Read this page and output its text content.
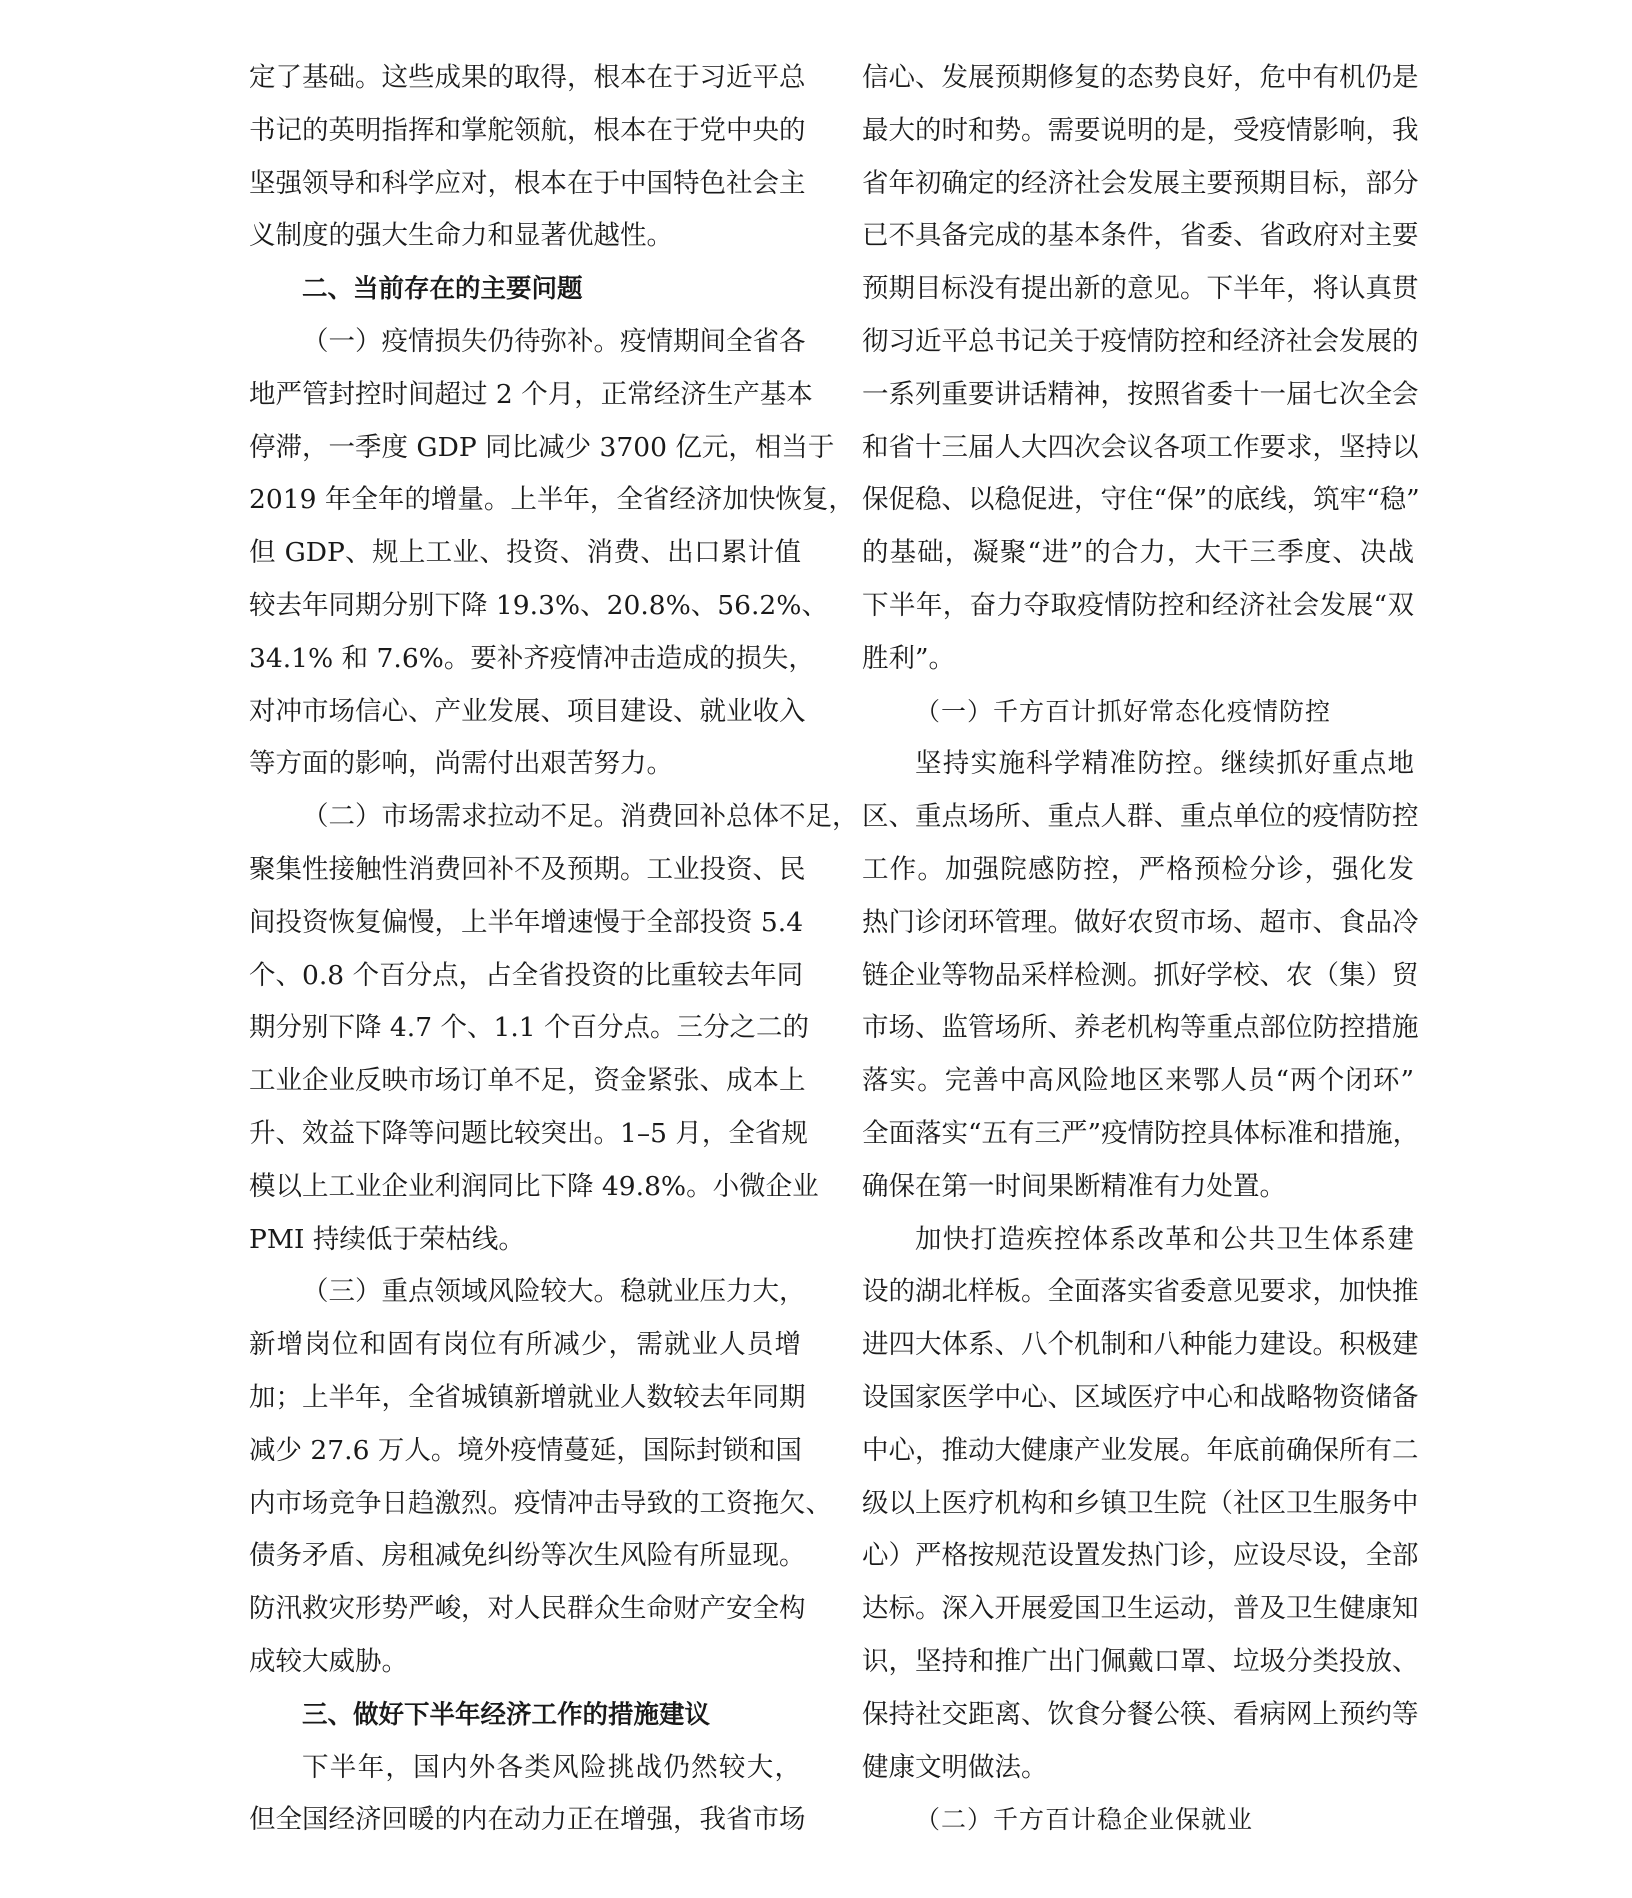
定了基础。这些成果的取得，根本在于习近平总
书记的英明指挥和掌舵领航，根本在于党中央的
坚强领导和科学应对，根本在于中国特色社会主
义制度的强大生命力和显著优越性。
二、当前存在的主要问题
（一）疫情损失仍待弥补。疫情期间全省各
地严管封控时间超过 2 个月，正常经济生产基本
停滞，一季度 GDP 同比减少 3700 亿元，相当于
2019 年全年的增量。上半年，全省经济加快恢复，
但 GDP、规上工业、投资、消费、出口累计值
较去年同期分别下降 19.3%、20.8%、56.2%、
34.1% 和 7.6%。要补齐疫情冲击造成的损失，
对冲市场信心、产业发展、项目建设、就业收入
等方面的影响，尚需付出艰苦努力。
（二）市场需求拉动不足。消费回补总体不足，
聚集性接触性消费回补不及预期。工业投资、民
间投资恢复偏慢，上半年增速慢于全部投资 5.4
个、0.8 个百分点，占全省投资的比重较去年同
期分别下降 4.7 个、1.1 个百分点。三分之二的
工业企业反映市场订单不足，资金紧张、成本上
升、效益下降等问题比较突出。1–5 月，全省规
模以上工业企业利润同比下降 49.8%。小微企业
PMI 持续低于荣枯线。
（三）重点领域风险较大。稳就业压力大，
新增岗位和固有岗位有所减少，需就业人员增
加；上半年，全省城镇新增就业人数较去年同期
减少 27.6 万人。境外疫情蔓延，国际封锁和国
内市场竞争日趋激烈。疫情冲击导致的工资拖欠、
债务矛盾、房租减免纠纷等次生风险有所显现。
防汛救灾形势严峻，对人民群众生命财产安全构
成较大威胁。
三、做好下半年经济工作的措施建议
下半年，国内外各类风险挑战仍然较大，
但全国经济回暖的内在动力正在增强，我省市场
信心、发展预期修复的态势良好，危中有机仍是
最大的时和势。需要说明的是，受疫情影响，我
省年初确定的经济社会发展主要预期目标，部分
已不具备完成的基本条件，省委、省政府对主要
预期目标没有提出新的意见。下半年，将认真贯
彻习近平总书记关于疫情防控和经济社会发展的
一系列重要讲话精神，按照省委十一届七次全会
和省十三届人大四次会议各项工作要求，坚持以
保促稳、以稳促进，守住“保”的底线，筑牢“稳”
的基础，凝聚“进”的合力，大干三季度、决战
下半年，奋力夺取疫情防控和经济社会发展“双
胜利”。
（一）千方百计抓好常态化疫情防控
坚持实施科学精准防控。继续抓好重点地
区、重点场所、重点人群、重点单位的疫情防控
工作。加强院感防控，严格预检分诊，强化发
热门诊闭环管理。做好农贸市场、超市、食品冷
链企业等物品采样检测。抓好学校、农（集）贸
市场、监管场所、养老机构等重点部位防控措施
落实。完善中高风险地区来鄂人员“两个闭环”
全面落实“五有三严”疫情防控具体标准和措施，
确保在第一时间果断精准有力处置。
加快打造疾控体系改革和公共卫生体系建
设的湖北样板。全面落实省委意见要求，加快推
进四大体系、八个机制和八种能力建设。积极建
设国家医学中心、区域医疗中心和战略物资储备
中心，推动大健康产业发展。年底前确保所有二
级以上医疗机构和乡镇卫生院（社区卫生服务中
心）严格按规范设置发热门诊，应设尽设，全部
达标。深入开展爱国卫生运动，普及卫生健康知
识，坚持和推广出门佩戴口罩、垃圾分类投放、
保持社交距离、饮食分餐公筷、看病网上预约等
健康文明做法。
（二）千方百计稳企业保就业
